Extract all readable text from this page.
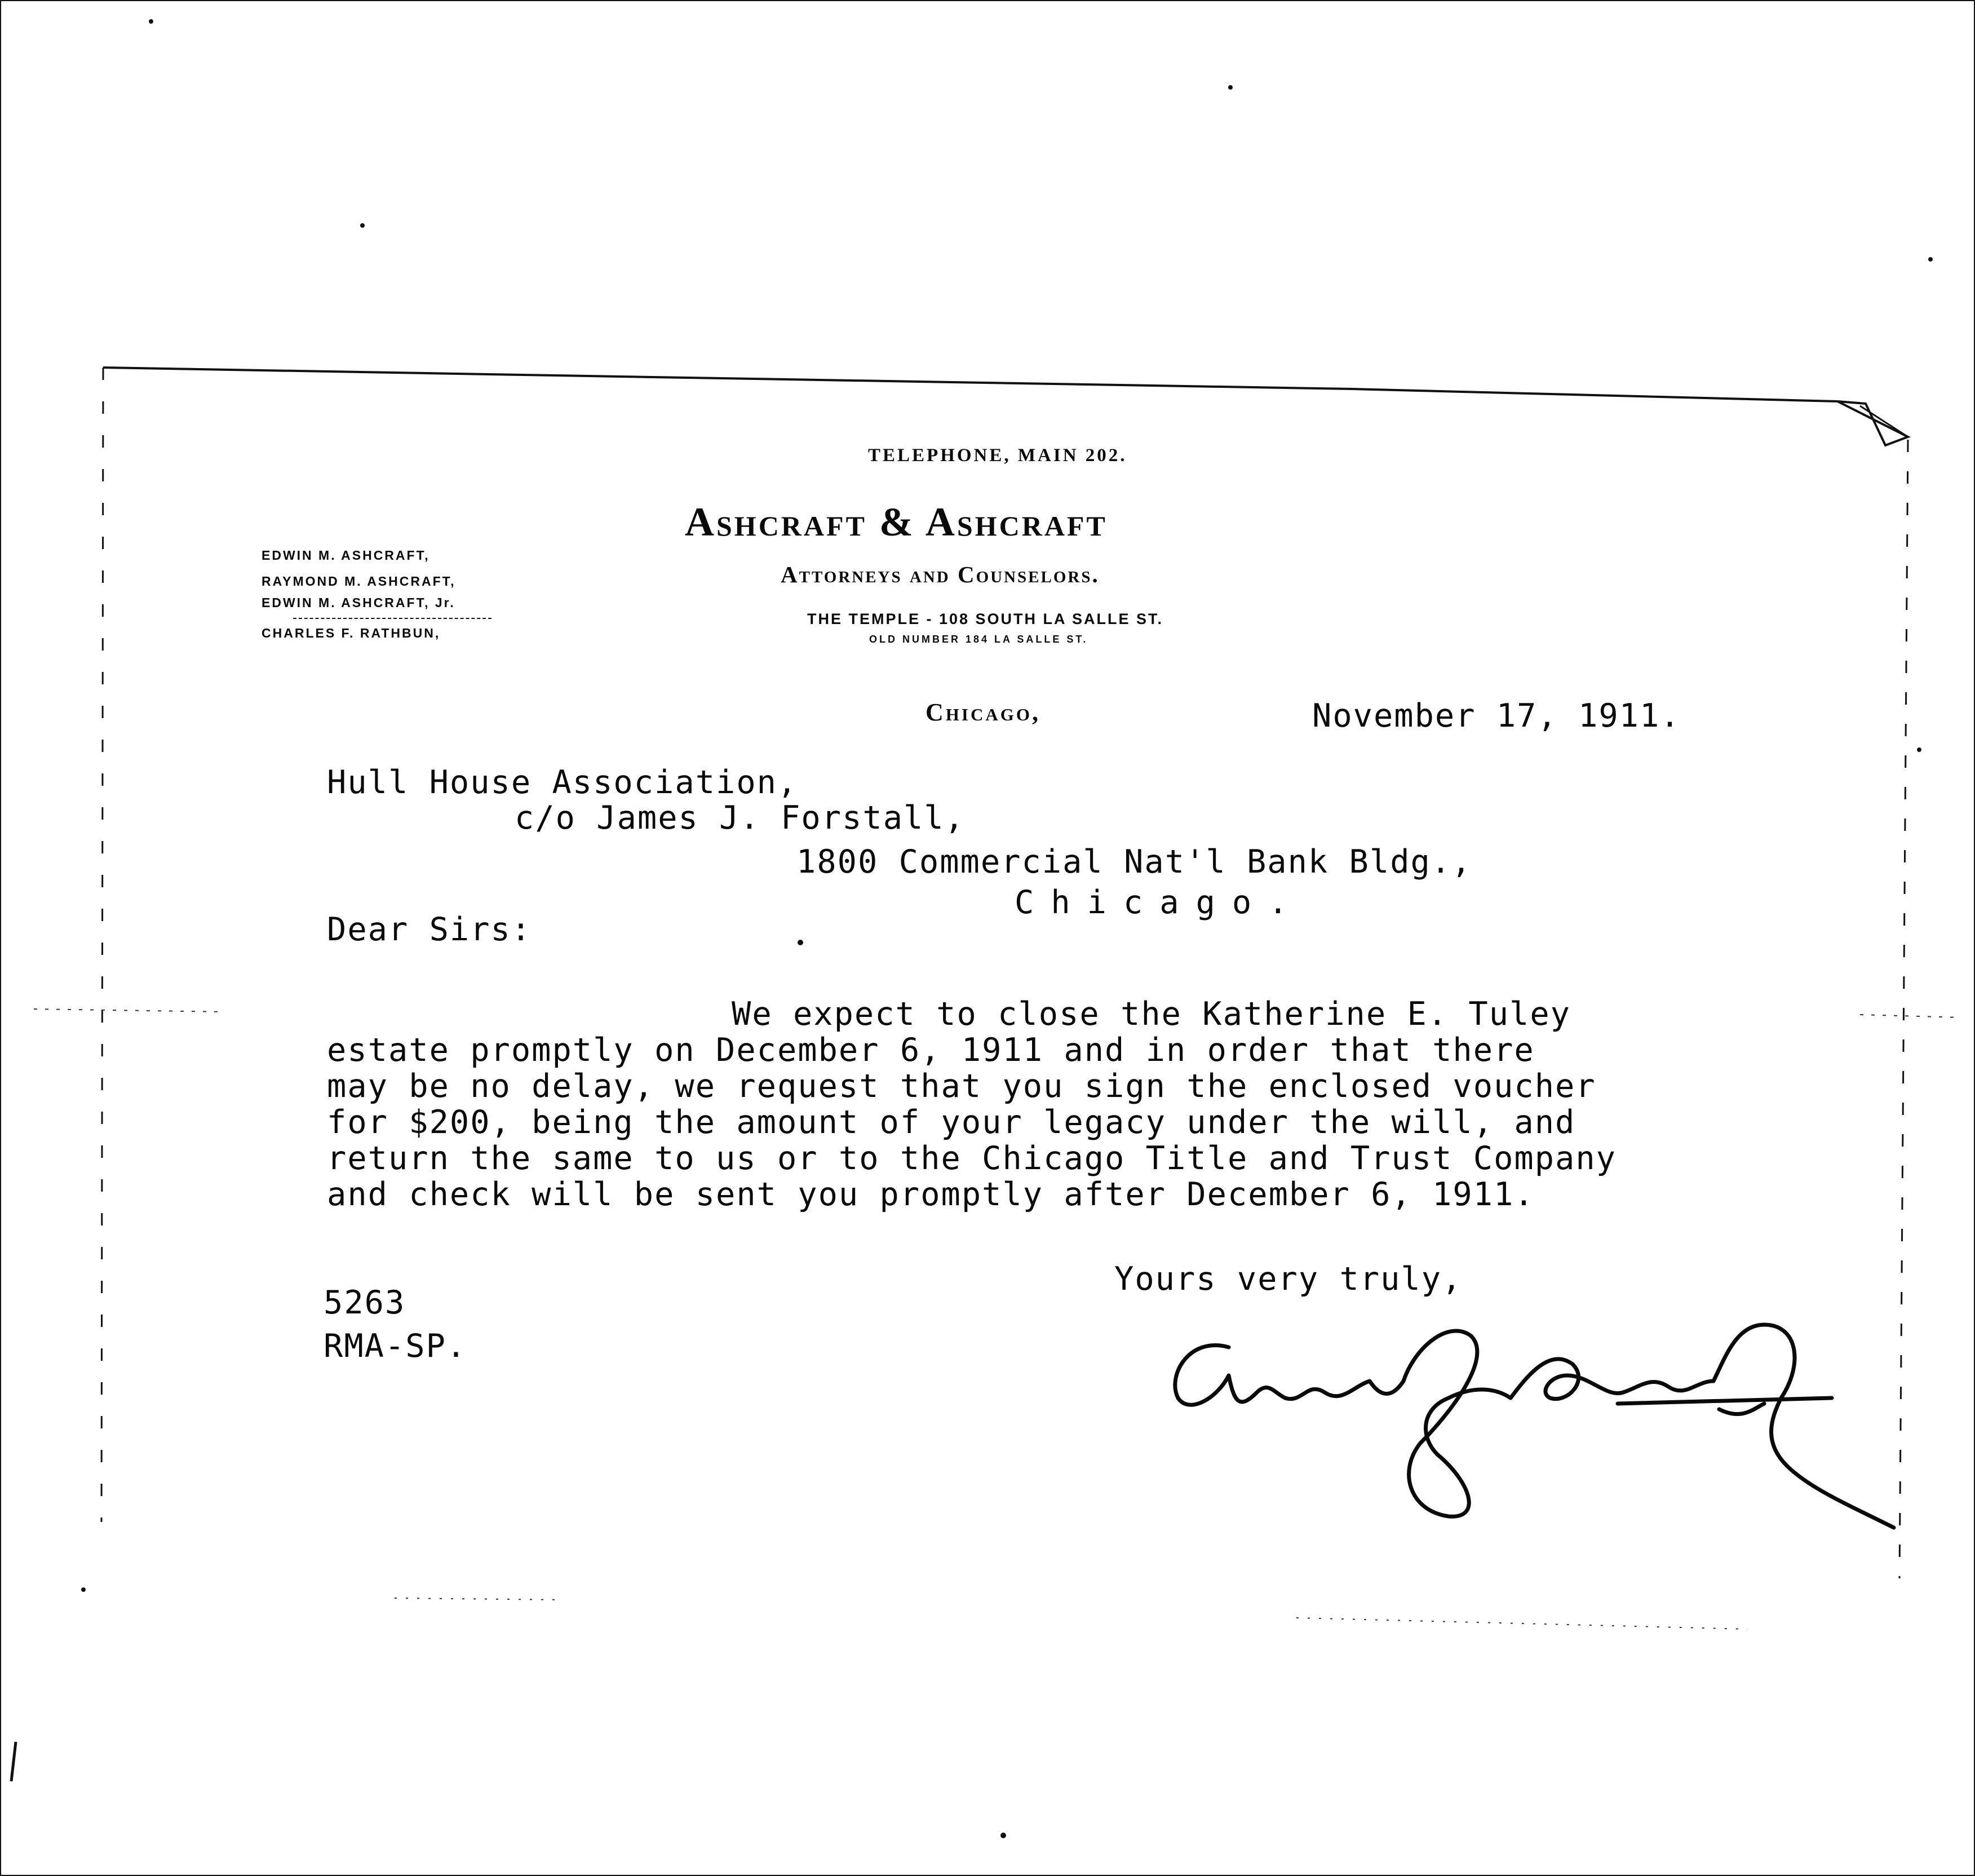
TELEPHONE, MAIN 202.
Ashcraft & Ashcraft
Attorneys and Counselors.
THE TEMPLE - 108 SOUTH LA SALLE ST.
OLD NUMBER 184 LA SALLE ST.
EDWIN M. ASHCRAFT,
RAYMOND M. ASHCRAFT,
EDWIN M. ASHCRAFT, Jr.
CHARLES F. RATHBUN,
Chicago,	November 17, 1911.
Hull House Association,
c/o James J. Forstall,
1800 Commercial Nat'l Bank Bldg.,
Chicago.
Dear Sirs:
We expect to close the Katherine E. Tuley
estate promptly on December 6, 1911 and in order that there
may be no delay, we request that you sign the enclosed voucher
for $200, being the amount of your legacy under the will, and
return the same to us or to the Chicago Title and Trust Company
and check will be sent you promptly after December 6, 1911.
Yours very truly,
5263
RMA-SP.
